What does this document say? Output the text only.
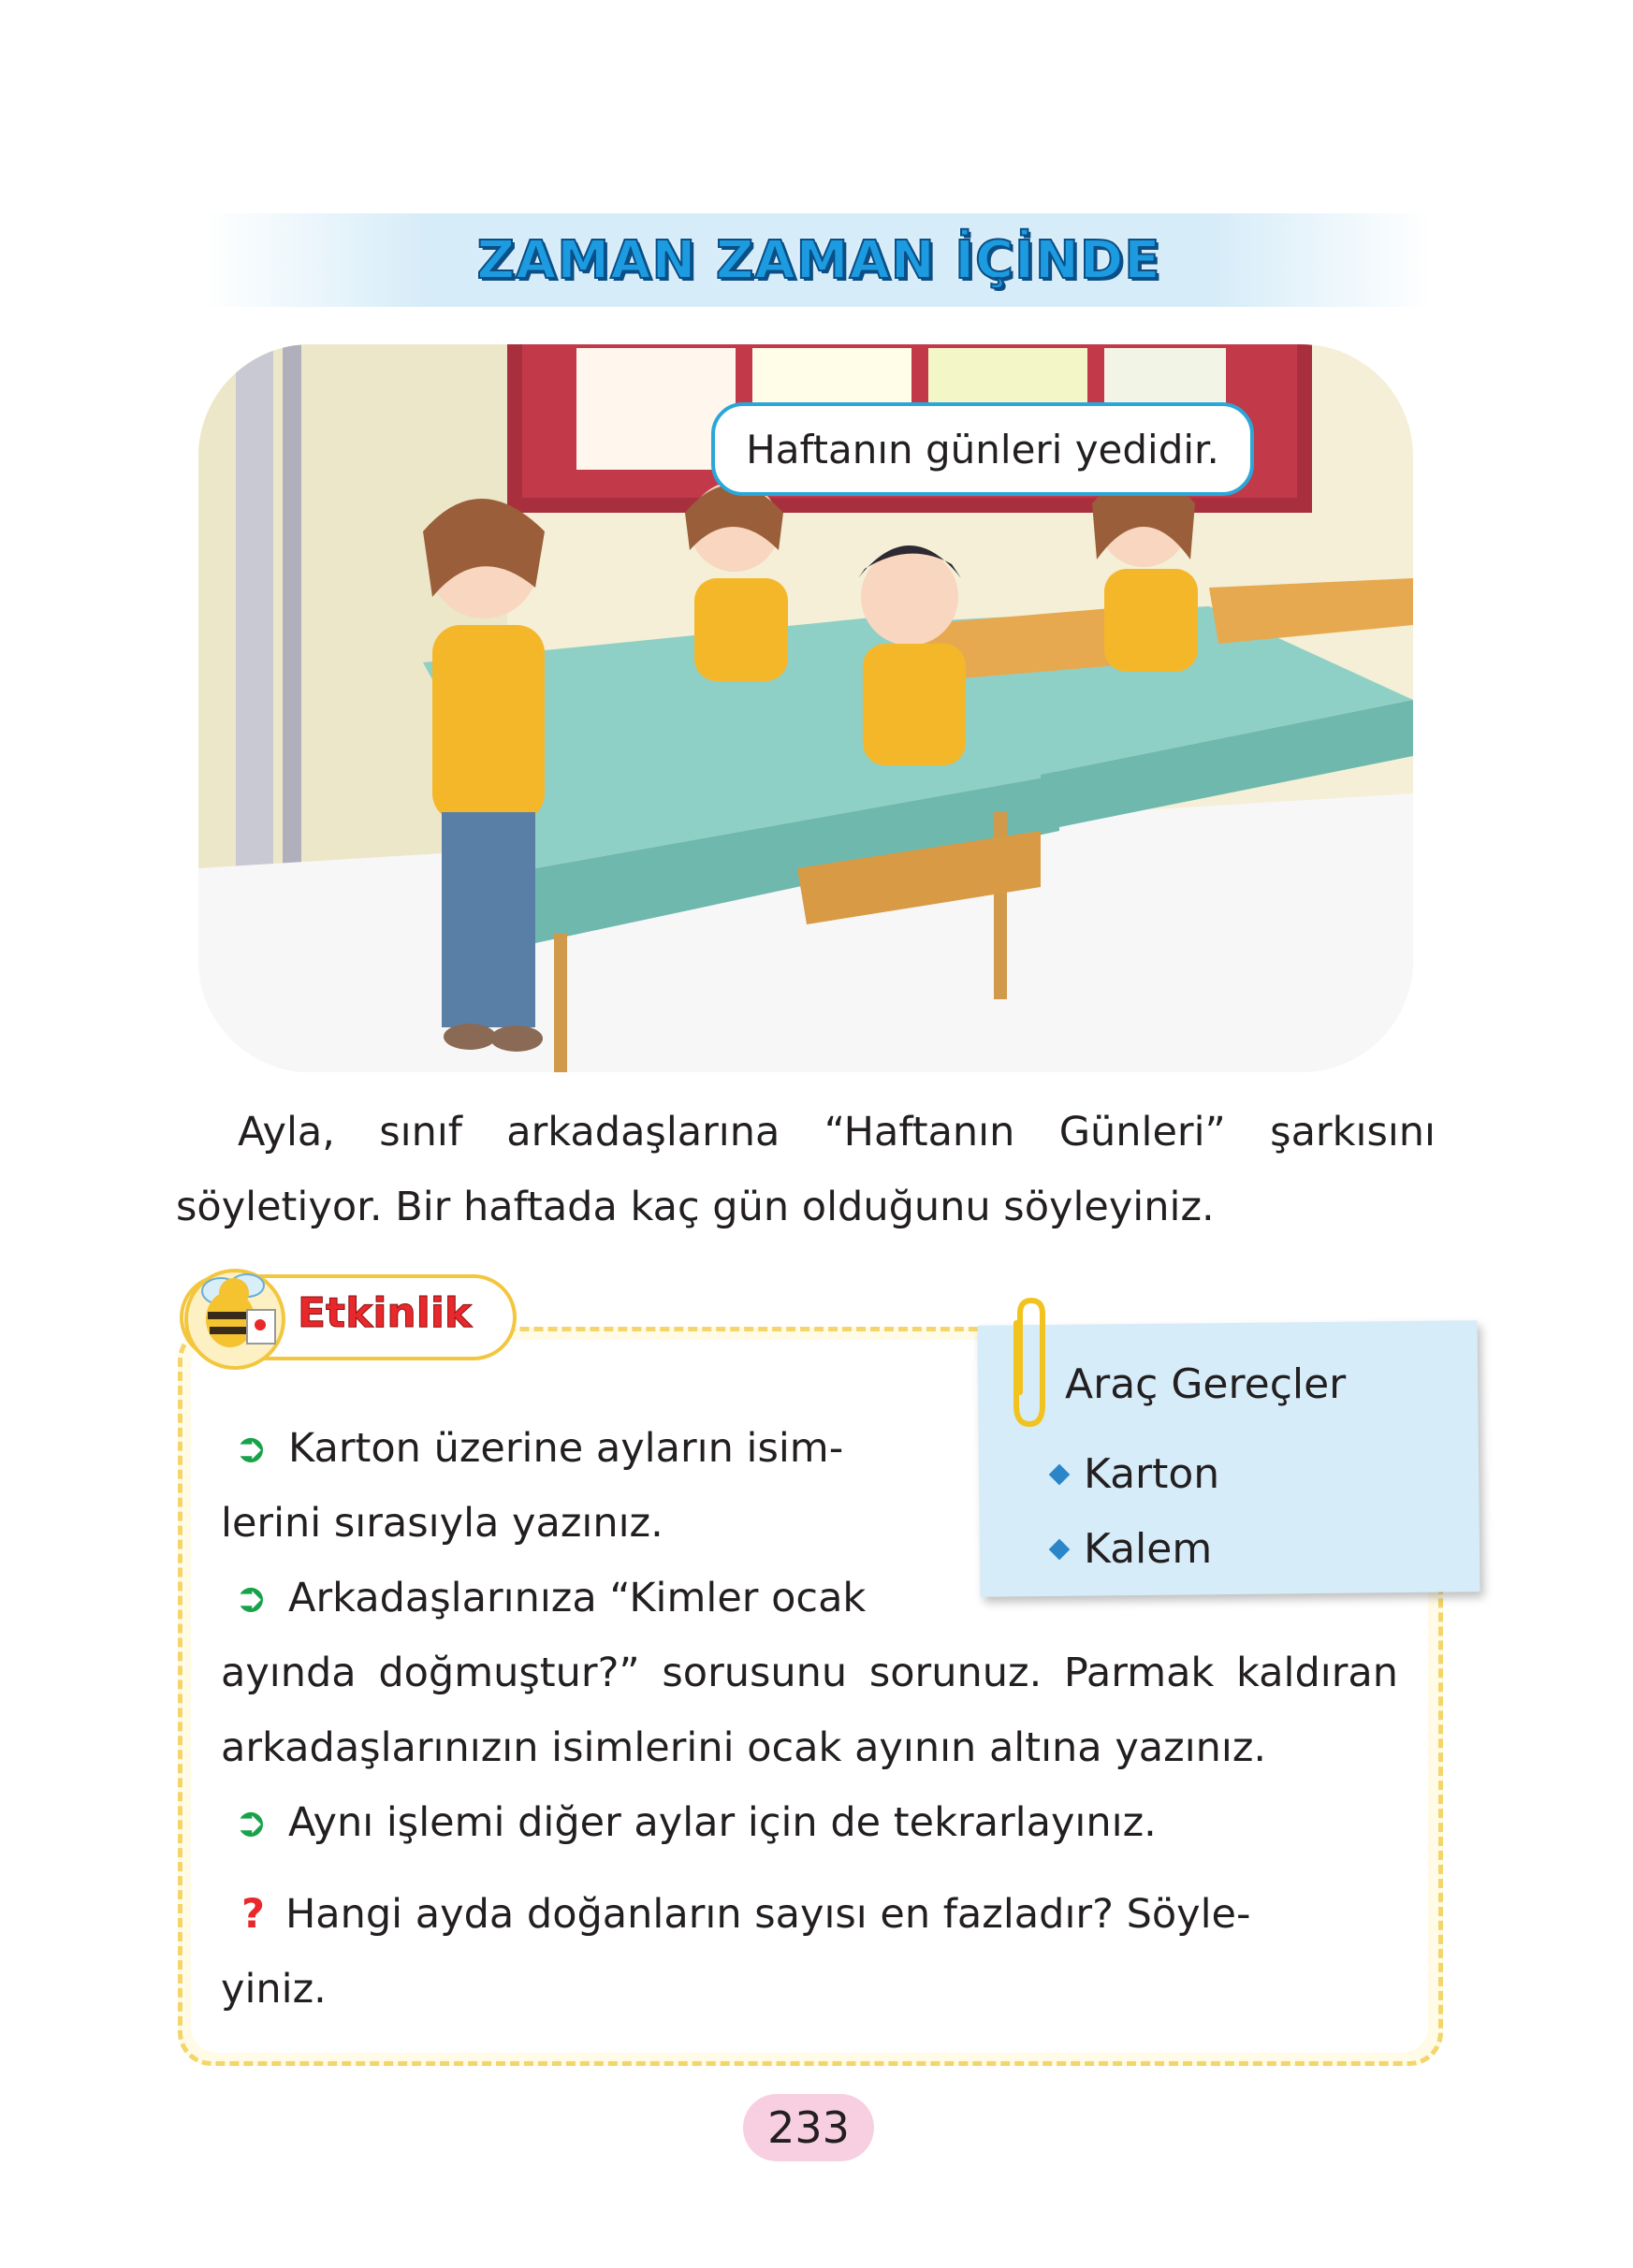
ZAMAN ZAMAN İÇİNDE
Haftanın günleri yedidir.

Ayla, sınıf arkadaşlarına “Haftanın Günleri” şarkısını söyletiyor. Bir haftada kaç gün olduğunu söyleyiniz.

Etkinlik
Araç Gereçler
Karton
Kalem
➲ Karton üzerine ayların isim-
lerini sırasıyla yazınız.
➲ Arkadaşlarınıza “Kimler ocak
ayında doğmuştur?” sorusunu sorunuz. Parmak kaldıran
arkadaşlarınızın isimlerini ocak ayının altına yazınız.
➲ Aynı işlemi diğer aylar için de tekrarlayınız.
? Hangi ayda doğanların sayısı en fazladır? Söyle-
yiniz.
233
